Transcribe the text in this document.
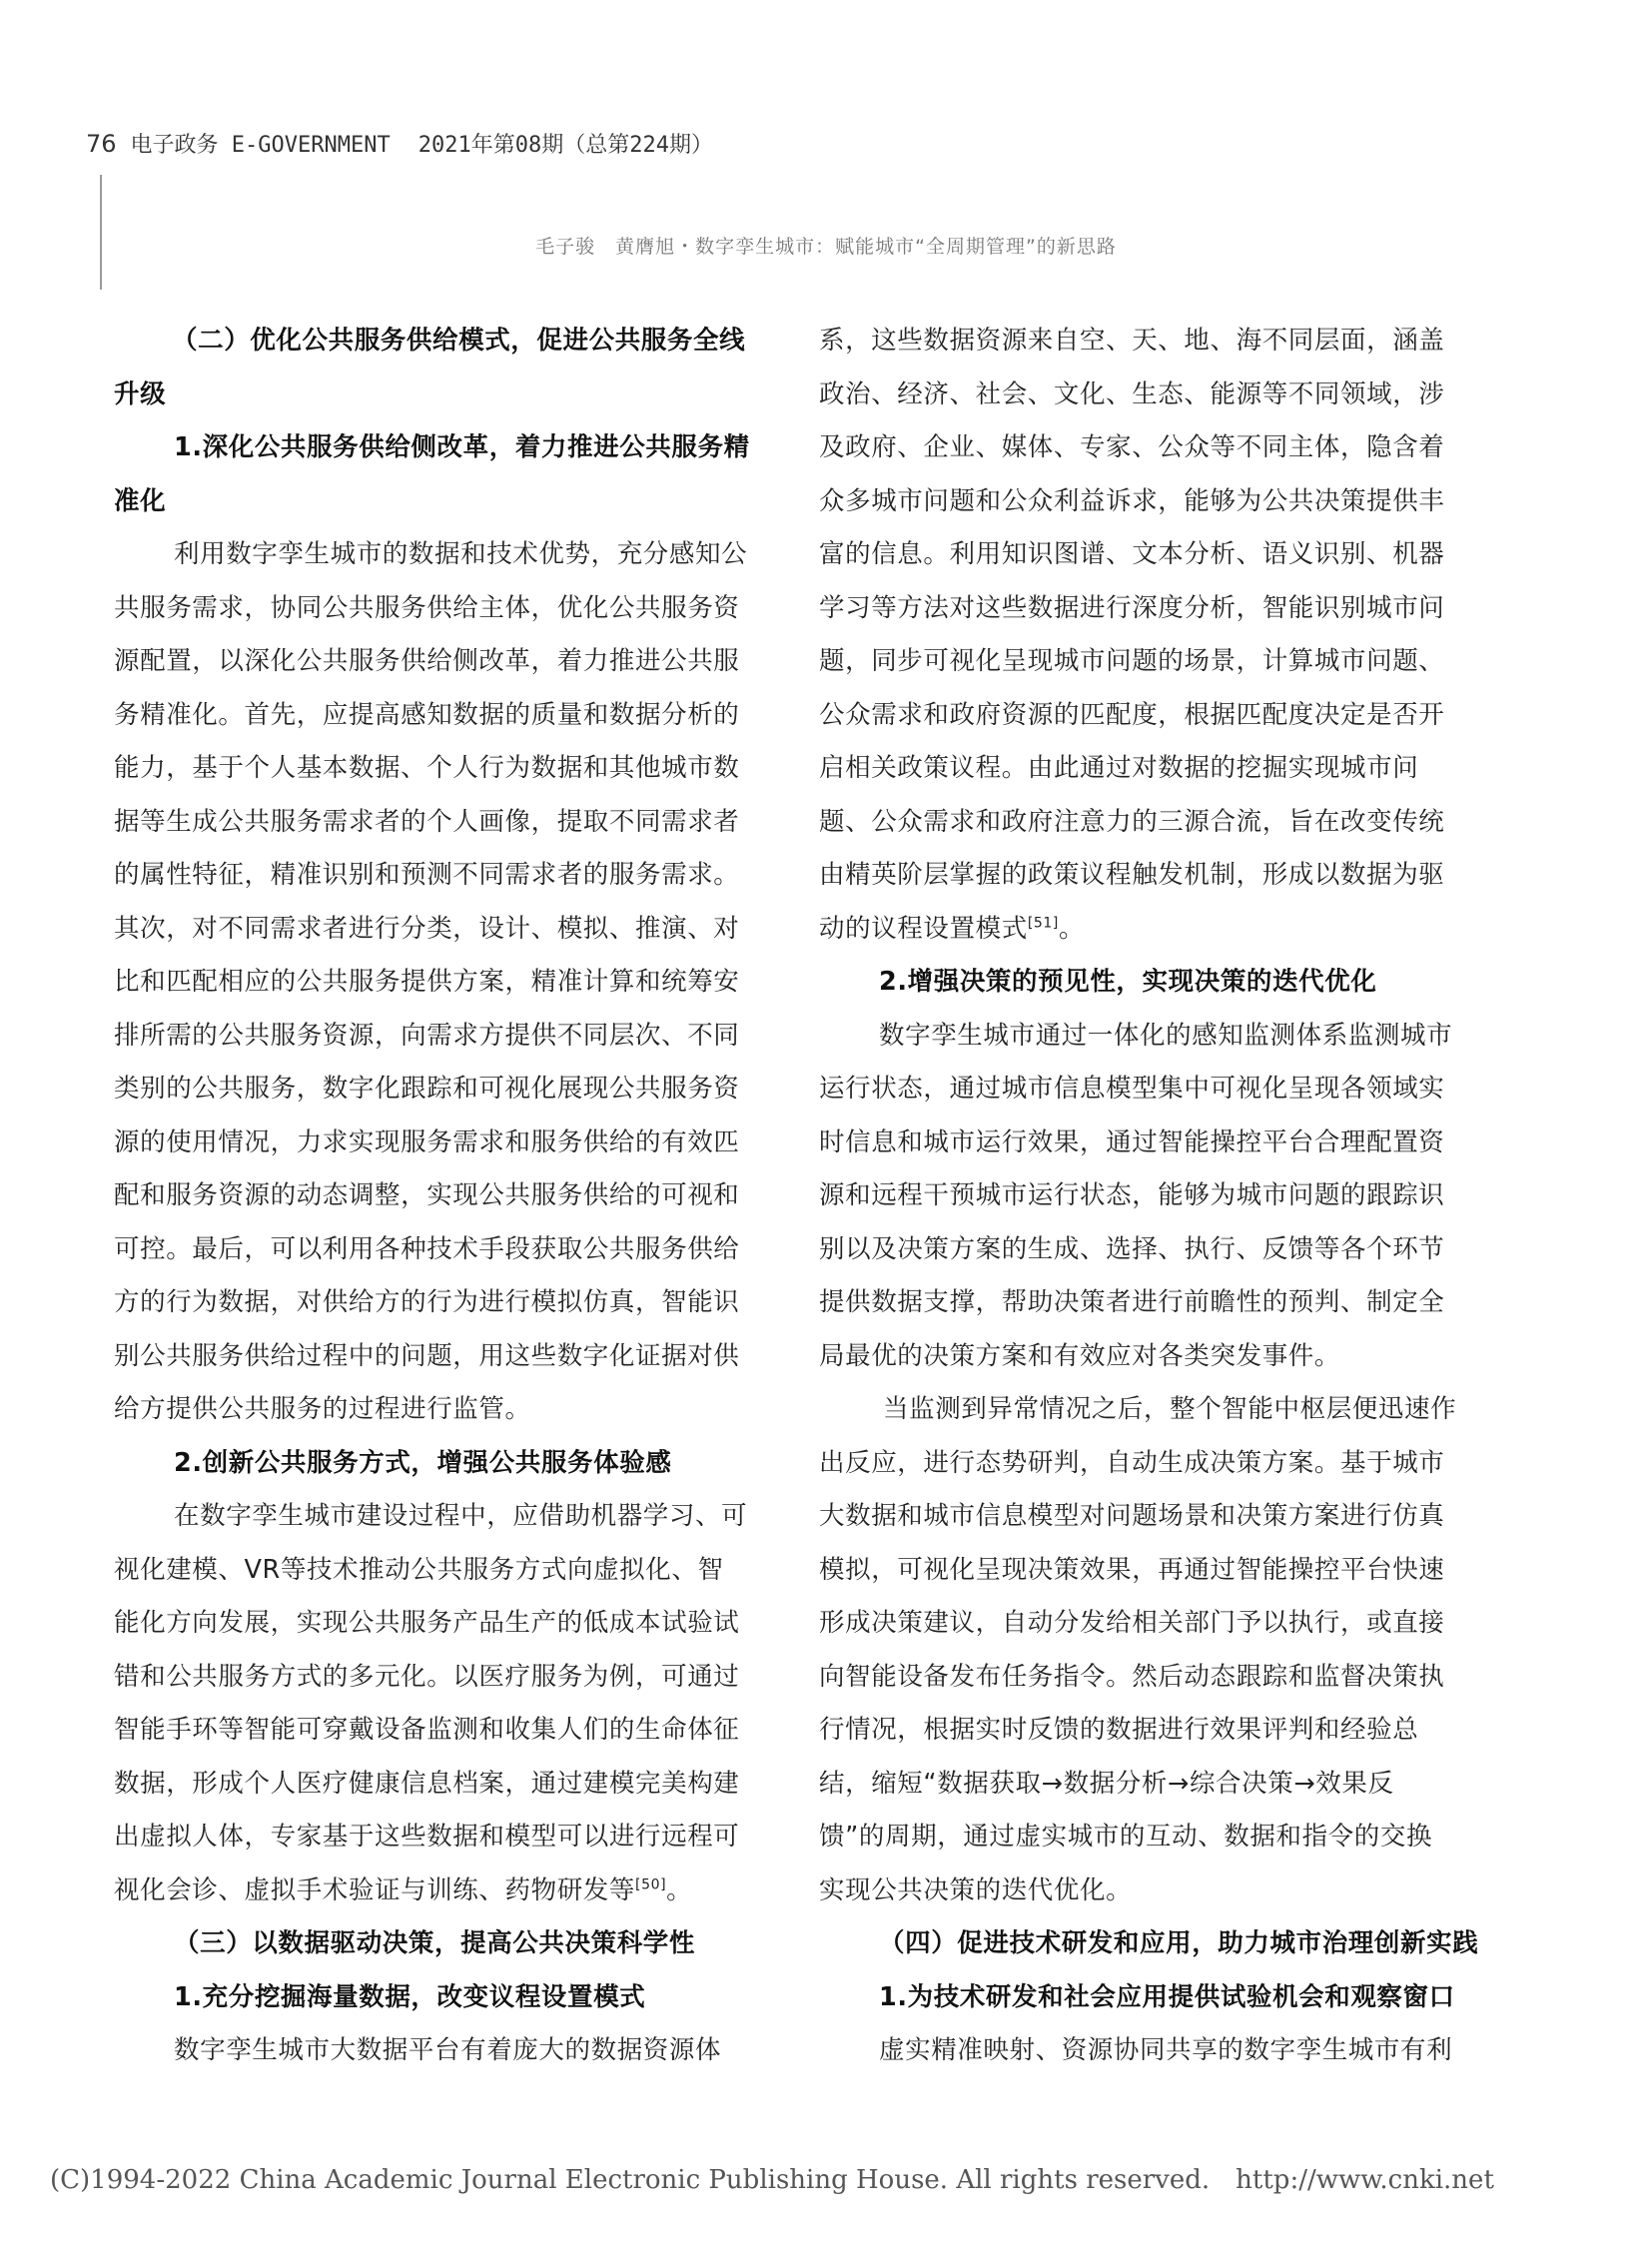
76 电子政务 E-GOVERNMENT 2021年第08期（总第224期）
毛子骏　黄膺旭・数字孪生城市：赋能城市“全周期管理”的新思路
（二）优化公共服务供给模式，促进公共服务全线
升级
1.深化公共服务供给侧改革，着力推进公共服务精
准化
利用数字孪生城市的数据和技术优势，充分感知公
共服务需求，协同公共服务供给主体，优化公共服务资
源配置，以深化公共服务供给侧改革，着力推进公共服
务精准化。首先，应提高感知数据的质量和数据分析的
能力，基于个人基本数据、个人行为数据和其他城市数
据等生成公共服务需求者的个人画像，提取不同需求者
的属性特征，精准识别和预测不同需求者的服务需求。
其次，对不同需求者进行分类，设计、模拟、推演、对
比和匹配相应的公共服务提供方案，精准计算和统筹安
排所需的公共服务资源，向需求方提供不同层次、不同
类别的公共服务，数字化跟踪和可视化展现公共服务资
源的使用情况，力求实现服务需求和服务供给的有效匹
配和服务资源的动态调整，实现公共服务供给的可视和
可控。最后，可以利用各种技术手段获取公共服务供给
方的行为数据，对供给方的行为进行模拟仿真，智能识
别公共服务供给过程中的问题，用这些数字化证据对供
给方提供公共服务的过程进行监管。
2.创新公共服务方式，增强公共服务体验感
在数字孪生城市建设过程中，应借助机器学习、可
视化建模、VR等技术推动公共服务方式向虚拟化、智
能化方向发展，实现公共服务产品生产的低成本试验试
错和公共服务方式的多元化。以医疗服务为例，可通过
智能手环等智能可穿戴设备监测和收集人们的生命体征
数据，形成个人医疗健康信息档案，通过建模完美构建
出虚拟人体，专家基于这些数据和模型可以进行远程可
视化会诊、虚拟手术验证与训练、药物研发等[50]。
（三）以数据驱动决策，提高公共决策科学性
1.充分挖掘海量数据，改变议程设置模式
数字孪生城市大数据平台有着庞大的数据资源体
系，这些数据资源来自空、天、地、海不同层面，涵盖
政治、经济、社会、文化、生态、能源等不同领域，涉
及政府、企业、媒体、专家、公众等不同主体，隐含着
众多城市问题和公众利益诉求，能够为公共决策提供丰
富的信息。利用知识图谱、文本分析、语义识别、机器
学习等方法对这些数据进行深度分析，智能识别城市问
题，同步可视化呈现城市问题的场景，计算城市问题、
公众需求和政府资源的匹配度，根据匹配度决定是否开
启相关政策议程。由此通过对数据的挖掘实现城市问
题、公众需求和政府注意力的三源合流，旨在改变传统
由精英阶层掌握的政策议程触发机制，形成以数据为驱
动的议程设置模式[51]。
2.增强决策的预见性，实现决策的迭代优化
数字孪生城市通过一体化的感知监测体系监测城市
运行状态，通过城市信息模型集中可视化呈现各领域实
时信息和城市运行效果，通过智能操控平台合理配置资
源和远程干预城市运行状态，能够为城市问题的跟踪识
别以及决策方案的生成、选择、执行、反馈等各个环节
提供数据支撑，帮助决策者进行前瞻性的预判、制定全
局最优的决策方案和有效应对各类突发事件。
当监测到异常情况之后，整个智能中枢层便迅速作
出反应，进行态势研判，自动生成决策方案。基于城市
大数据和城市信息模型对问题场景和决策方案进行仿真
模拟，可视化呈现决策效果，再通过智能操控平台快速
形成决策建议，自动分发给相关部门予以执行，或直接
向智能设备发布任务指令。然后动态跟踪和监督决策执
行情况，根据实时反馈的数据进行效果评判和经验总
结，缩短“数据获取→数据分析→综合决策→效果反
馈”的周期，通过虚实城市的互动、数据和指令的交换
实现公共决策的迭代优化。
（四）促进技术研发和应用，助力城市治理创新实践
1.为技术研发和社会应用提供试验机会和观察窗口
虚实精准映射、资源协同共享的数字孪生城市有利
(C)1994-2022 China Academic Journal Electronic Publishing House. All rights reserved. http://www.cnki.net
